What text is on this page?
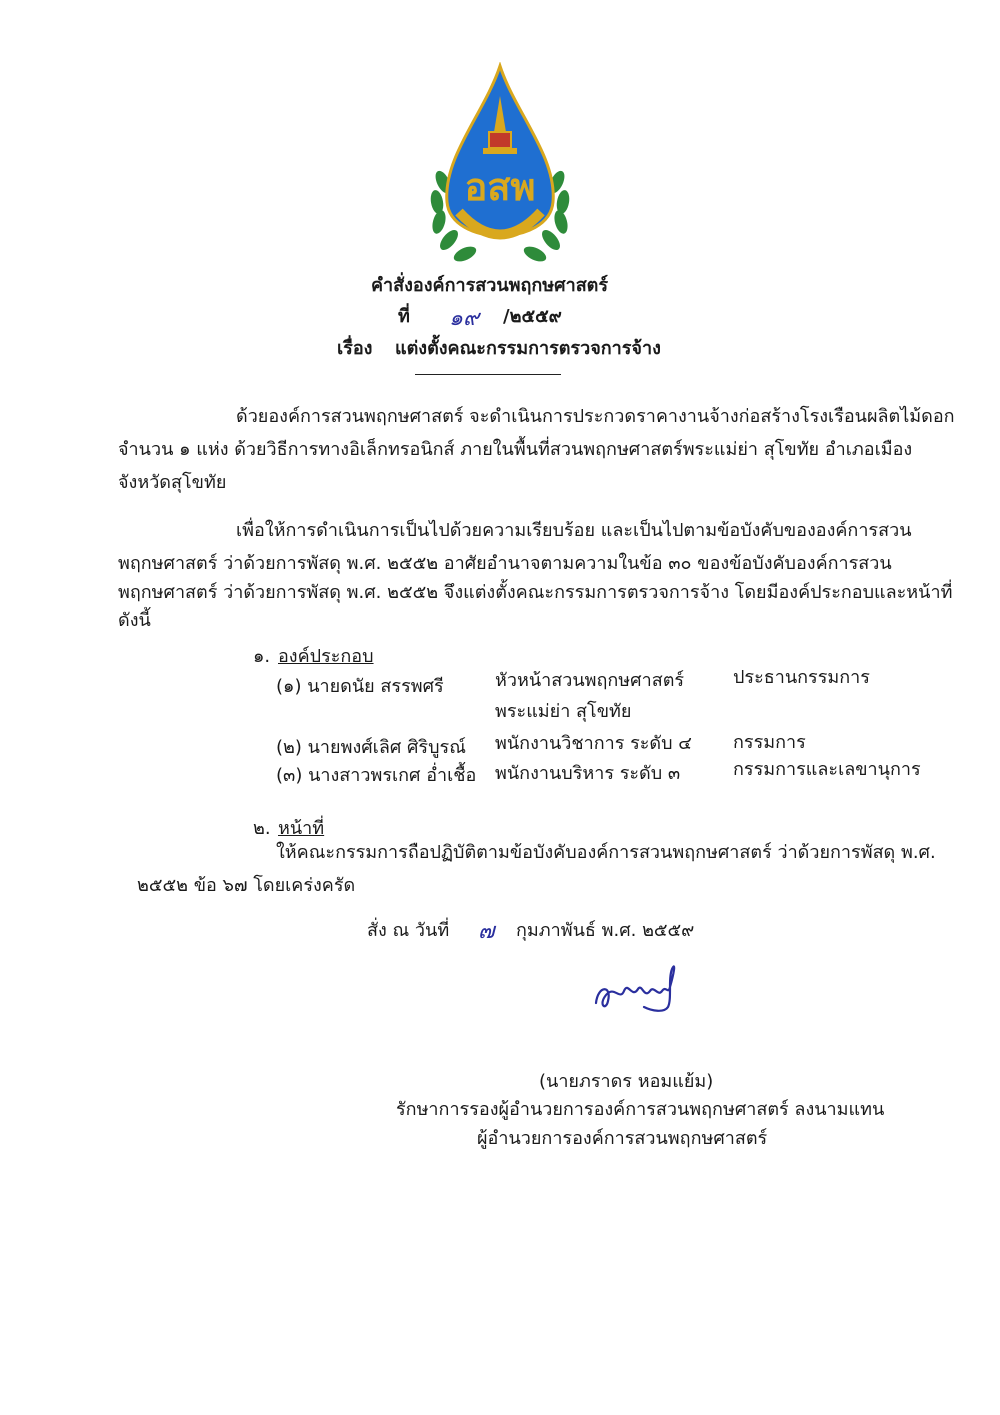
อสพ
คำสั่งองค์การสวนพฤกษศาสตร์
ที่ ๑๙ /๒๕๕๙
เรื่อง แต่งตั้งคณะกรรมการตรวจการจ้าง
ด้วยองค์การสวนพฤกษศาสตร์ จะดำเนินการประกวดราคางานจ้างก่อสร้างโรงเรือนผลิตไม้ดอก
จำนวน ๑ แห่ง ด้วยวิธีการทางอิเล็กทรอนิกส์ ภายในพื้นที่สวนพฤกษศาสตร์พระแม่ย่า สุโขทัย อำเภอเมือง
จังหวัดสุโขทัย
เพื่อให้การดำเนินการเป็นไปด้วยความเรียบร้อย และเป็นไปตามข้อบังคับขององค์การสวน
พฤกษศาสตร์ ว่าด้วยการพัสดุ พ.ศ. ๒๕๕๒ อาศัยอำนาจตามความในข้อ ๓๐ ของข้อบังคับองค์การสวน
พฤกษศาสตร์ ว่าด้วยการพัสดุ พ.ศ. ๒๕๕๒ จึงแต่งตั้งคณะกรรมการตรวจการจ้าง โดยมีองค์ประกอบและหน้าที่
ดังนี้
๑. องค์ประกอบ
(๑) นายดนัย สรรพศรี	หัวหน้าสวนพฤกษศาสตร์
พระแม่ย่า สุโขทัย
ประธานกรรมการ
(๒) นายพงศ์เลิศ ศิริบูรณ์ พนักงานวิชาการ ระดับ ๔ กรรมการ
(๓) นางสาวพรเกศ อ่ำเชื้อ พนักงานบริหาร ระดับ ๓	กรรมการและเลขานุการ
๒. หน้าที่
ให้คณะกรรมการถือปฏิบัติตามข้อบังคับองค์การสวนพฤกษศาสตร์ ว่าด้วยการพัสดุ พ.ศ.
๒๕๕๒ ข้อ ๖๗ โดยเคร่งครัด
สั่ง ณ วันที่ ๗ กุมภาพันธ์ พ.ศ. ๒๕๕๙
(นายภราดร หอมแย้ม)
รักษาการรองผู้อำนวยการองค์การสวนพฤกษศาสตร์ ลงนามแทน
ผู้อำนวยการองค์การสวนพฤกษศาสตร์
